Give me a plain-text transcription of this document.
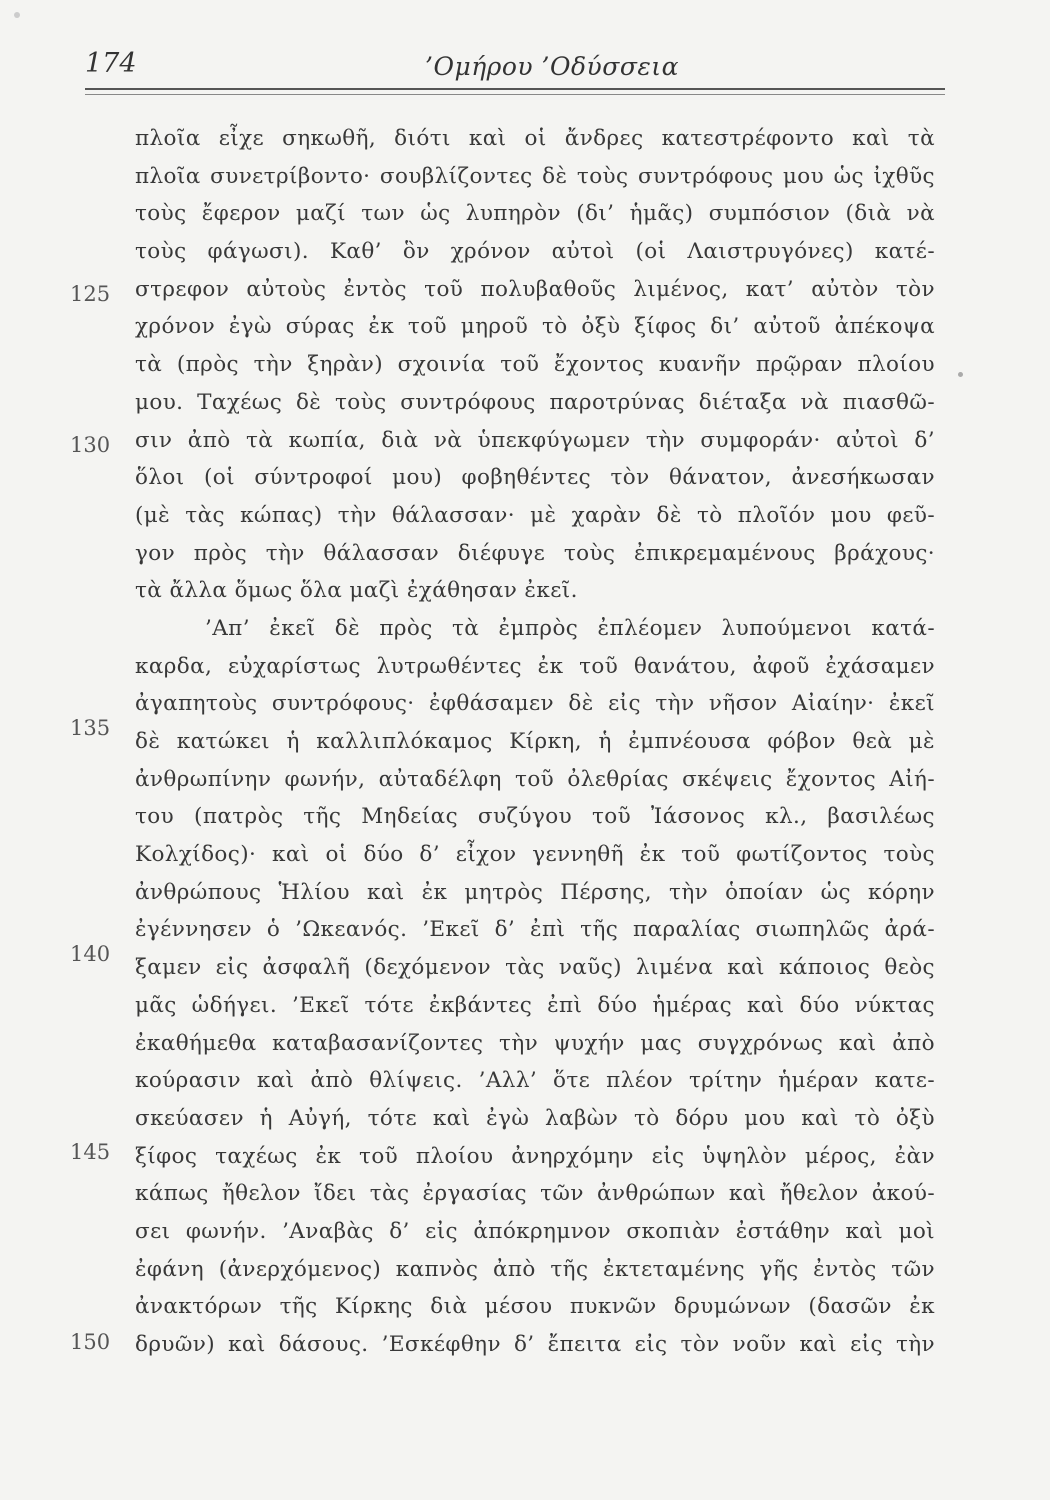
174	’Ομήρου ’Οδύσσεια
125
130
135
140
145
150
πλοῖα εἶχε σηκωθῆ, διότι καὶ οἱ ἄνδρες κατεστρέφοντο καὶ τὰ
πλοῖα συνετρίβοντο· σουβλίζοντες δὲ τοὺς συντρόφους μου ὡς ἰχθῦς
τοὺς ἔφερον μαζί των ὡς λυπηρὸν (δι’ ἡμᾶς) συμπόσιον (διὰ νὰ
τοὺς φάγωσι). Καθ’ ὃν χρόνον αὐτοὶ (οἱ Λαιστρυγόνες) κατέ-
στρεφον αὐτοὺς ἐντὸς τοῦ πολυβαθοῦς λιμένος, κατ’ αὐτὸν τὸν
χρόνον ἐγὼ σύρας ἐκ τοῦ μηροῦ τὸ ὀξὺ ξίφος δι’ αὐτοῦ ἀπέκοψα
τὰ (πρὸς τὴν ξηρὰν) σχοινία τοῦ ἔχοντος κυανῆν πρῷραν πλοίου
μου. Ταχέως δὲ τοὺς συντρόφους παροτρύνας διέταξα νὰ πιασθῶ-
σιν ἀπὸ τὰ κωπία, διὰ νὰ ὑπεκφύγωμεν τὴν συμφοράν· αὐτοὶ δ’
ὅλοι (οἱ σύντροφοί μου) φοβηθέντες τὸν θάνατον, ἀνεσήκωσαν
(μὲ τὰς κώπας) τὴν θάλασσαν· μὲ χαρὰν δὲ τὸ πλοῖόν μου φεῦ-
γον πρὸς τὴν θάλασσαν διέφυγε τοὺς ἐπικρεμαμένους βράχους·
τὰ ἄλλα ὅμως ὅλα μαζὶ ἐχάθησαν ἐκεῖ.
’Απ’ ἐκεῖ δὲ πρὸς τὰ ἐμπρὸς ἐπλέομεν λυπούμενοι κατά-
καρδα, εὐχαρίστως λυτρωθέντες ἐκ τοῦ θανάτου, ἀφοῦ ἐχάσαμεν
ἀγαπητοὺς συντρόφους· ἐφθάσαμεν δὲ εἰς τὴν νῆσον Αἰαίην· ἐκεῖ
δὲ κατώκει ἡ καλλιπλόκαμος Κίρκη, ἡ ἐμπνέουσα φόβον θεὰ μὲ
ἀνθρωπίνην φωνήν, αὐταδέλφη τοῦ ὀλεθρίας σκέψεις ἔχοντος Αἰή-
του (πατρὸς τῆς Μηδείας συζύγου τοῦ Ἰάσονος κλ., βασιλέως
Κολχίδος)· καὶ οἱ δύο δ’ εἶχον γεννηθῆ ἐκ τοῦ φωτίζοντος τοὺς
ἀνθρώπους Ἡλίου καὶ ἐκ μητρὸς Πέρσης, τὴν ὁποίαν ὡς κόρην
ἐγέννησεν ὁ ’Ωκεανός. ’Εκεῖ δ’ ἐπὶ τῆς παραλίας σιωπηλῶς ἀρά-
ξαμεν εἰς ἀσφαλῆ (δεχόμενον τὰς ναῦς) λιμένα καὶ κάποιος θεὸς
μᾶς ὡδήγει. ’Εκεῖ τότε ἐκβάντες ἐπὶ δύο ἡμέρας καὶ δύο νύκτας
ἐκαθήμεθα καταβασανίζοντες τὴν ψυχήν μας συγχρόνως καὶ ἀπὸ
κούρασιν καὶ ἀπὸ θλίψεις. ’Αλλ’ ὅτε πλέον τρίτην ἡμέραν κατε-
σκεύασεν ἡ Αὐγή, τότε καὶ ἐγὼ λαβὼν τὸ δόρυ μου καὶ τὸ ὀξὺ
ξίφος ταχέως ἐκ τοῦ πλοίου ἀνηρχόμην εἰς ὑψηλὸν μέρος, ἐὰν
κάπως ἤθελον ἴδει τὰς ἐργασίας τῶν ἀνθρώπων καὶ ἤθελον ἀκού-
σει φωνήν. ’Αναβὰς δ’ εἰς ἀπόκρημνον σκοπιὰν ἐστάθην καὶ μοὶ
ἐφάνη (ἀνερχόμενος) καπνὸς ἀπὸ τῆς ἐκτεταμένης γῆς ἐντὸς τῶν
ἀνακτόρων τῆς Κίρκης διὰ μέσου πυκνῶν δρυμώνων (δασῶν ἐκ
δρυῶν) καὶ δάσους. ’Εσκέφθην δ’ ἔπειτα εἰς τὸν νοῦν καὶ εἰς τὴν
